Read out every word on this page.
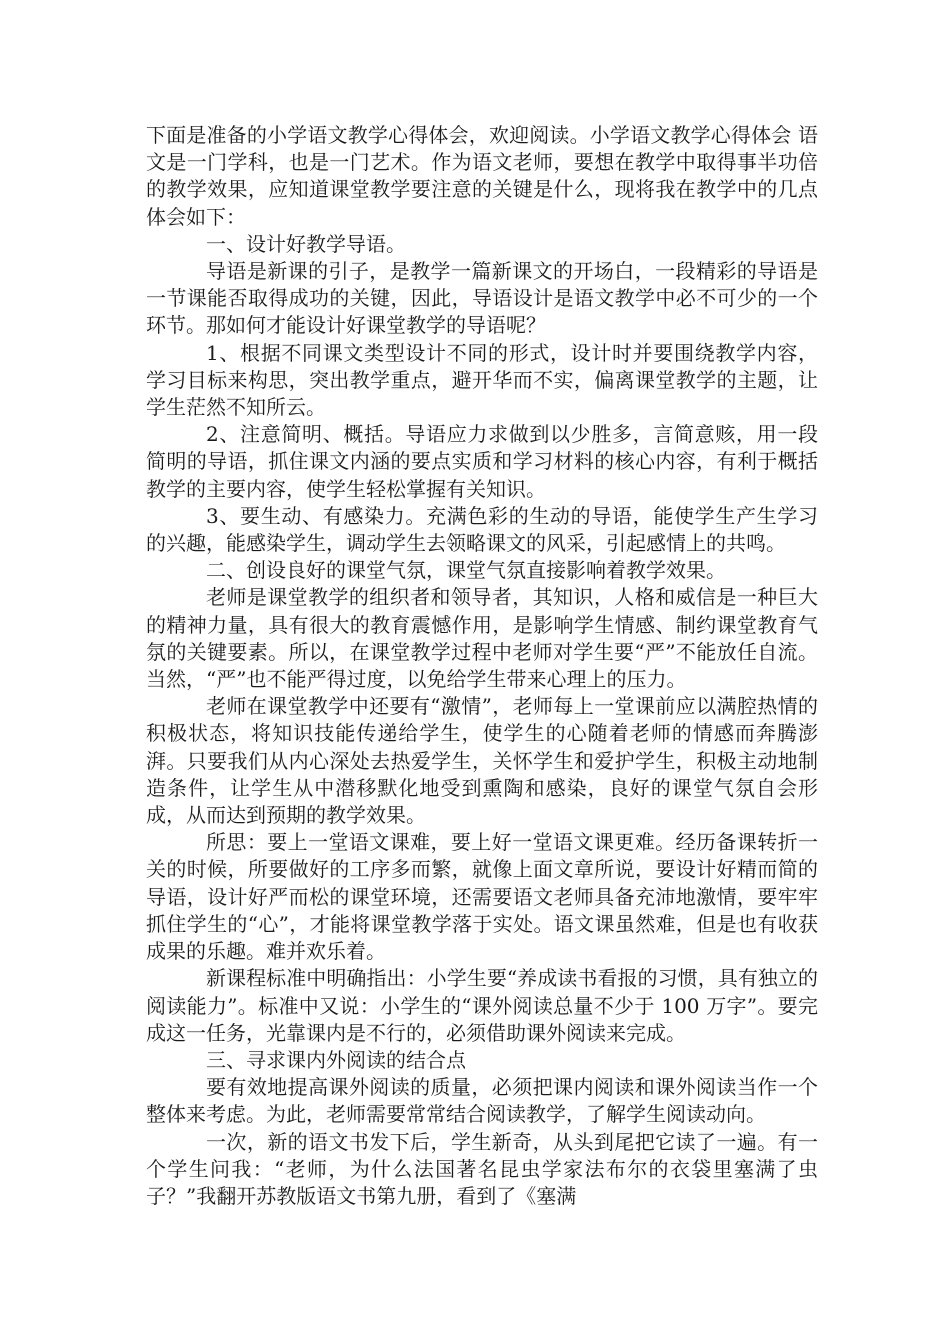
下面是准备的小学语文教学心得体会，欢迎阅读。小学语文教学心得体会 语文是一门学科，也是一门艺术。作为语文老师，要想在教学中取得事半功倍的教学效果，应知道课堂教学要注意的关键是什么，现将我在教学中的几点体会如下：

一、设计好教学导语。

导语是新课的引子，是教学一篇新课文的开场白，一段精彩的导语是一节课能否取得成功的关键，因此，导语设计是语文教学中必不可少的一个环节。那如何才能设计好课堂教学的导语呢？

1、根据不同课文类型设计不同的形式，设计时并要围绕教学内容，学习目标来构思，突出教学重点，避开华而不实，偏离课堂教学的主题，让学生茫然不知所云。

2、注意简明、概括。导语应力求做到以少胜多，言简意赅，用一段简明的导语，抓住课文内涵的要点实质和学习材料的核心内容，有利于概括教学的主要内容，使学生轻松掌握有关知识。

3、要生动、有感染力。充满色彩的生动的导语，能使学生产生学习的兴趣，能感染学生，调动学生去领略课文的风采，引起感情上的共鸣。

二、创设良好的课堂气氛，课堂气氛直接影响着教学效果。

老师是课堂教学的组织者和领导者，其知识，人格和威信是一种巨大的精神力量，具有很大的教育震憾作用，是影响学生情感、制约课堂教育气氛的关键要素。所以，在课堂教学过程中老师对学生要“严”不能放任自流。当然，“严”也不能严得过度，以免给学生带来心理上的压力。

老师在课堂教学中还要有“激情”，老师每上一堂课前应以满腔热情的积极状态，将知识技能传递给学生，使学生的心随着老师的情感而奔腾澎湃。只要我们从内心深处去热爱学生，关怀学生和爱护学生，积极主动地制造条件，让学生从中潜移默化地受到熏陶和感染，良好的课堂气氛自会形成，从而达到预期的教学效果。

所思：要上一堂语文课难，要上好一堂语文课更难。经历备课转折一关的时候，所要做好的工序多而繁，就像上面文章所说，要设计好精而简的导语，设计好严而松的课堂环境，还需要语文老师具备充沛地激情，要牢牢抓住学生的“心”，才能将课堂教学落于实处。语文课虽然难，但是也有收获成果的乐趣。难并欢乐着。

新课程标准中明确指出：小学生要“养成读书看报的习惯，具有独立的阅读能力”。标准中又说：小学生的“课外阅读总量不少于 100 万字”。要完成这一任务，光靠课内是不行的，必须借助课外阅读来完成。

三、寻求课内外阅读的结合点

要有效地提高课外阅读的质量，必须把课内阅读和课外阅读当作一个整体来考虑。为此，老师需要常常结合阅读教学，了解学生阅读动向。

一次，新的语文书发下后，学生新奇，从头到尾把它读了一遍。有一个学生问我：“老师，为什么法国著名昆虫学家法布尔的衣袋里塞满了虫子？”我翻开苏教版语文书第九册，看到了《塞满
